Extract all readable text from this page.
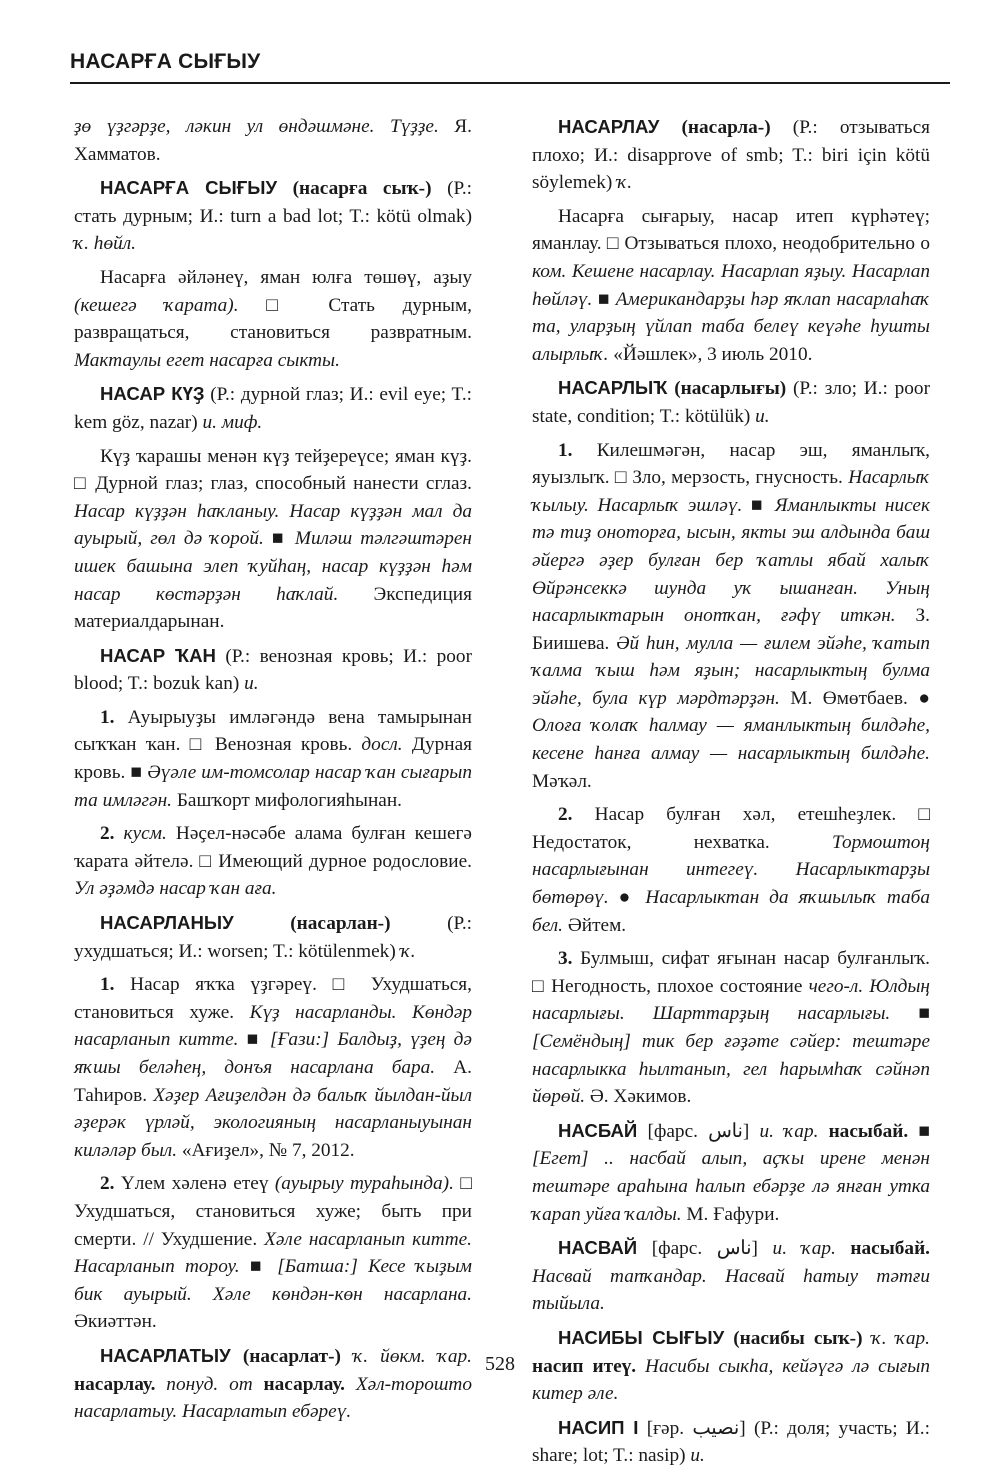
НАСАРҒА СЫҒЫУ

ҙө үҙгәрҙе, ләкин ул өндәшмәне. Түҙҙе. Я. Хамматов.

НАСАРҒА СЫҒЫУ (насарға сыҡ-) (Р.: стать дурным; И.: turn a bad lot; T.: kötü olmak) ҡ. һөйл.

Насарға әйләнеү, яман юлға төшөү, аҙыу (кешегә ҡарата). □ Стать дурным, развращаться, становиться развратным. Мактаулы егет насарға сыкты.

НАСАР КҮҘ (Р.: дурной глаз; И.: evil eye; T.: kem göz, nazar) и. миф.

Күҙ ҡарашы менән күҙ тейҙереүсе; яман күҙ. □ Дурной глаз; глаз, способный нанести сглаз. Насар күҙҙән һаҡланыу. Насар күҙҙән мал да ауырый, гөл дә ҡорой. ■ Миләш тәлгәштәрен ишек башына элеп ҡуйһаң, насар күҙҙән һәм насар көстәрҙән һаҡлай. Экспедиция материалдарынан.

НАСАР ҠАН (Р.: венозная кровь; И.: poor blood; T.: bozuk kan) и.

1. Ауырыуҙы имләгәндә вена тамырынан сыҡҡан ҡан. □ Венозная кровь. досл. Дурная кровь. ■ Әүәле им-томсолар насар ҡан сығарып та имләгән. Башҡорт мифологияһынан.

2. кусм. Нәҫел-нәсәбе алама булған кешегә ҡарата әйтелә. □ Имеющий дурное родословие. Ул әҙәмдә насар ҡан аға.

НАСАРЛАНЫУ (насарлан-) (Р.: ухудшаться; И.: worsen; T.: kötülenmek) ҡ.

1. Насар яҡҡа үҙгәреү. □ Ухудшаться, становиться хуже. Күҙ насарланды. Көндәр насарланып китте. ■ [Ғази:] Балдыҙ, үҙең дә яҡшы беләһең, донъя насарлана бара. А. Таһиров. Хәҙер Ағиҙелдән дә балыҡ йылдан-йыл әҙерәк үрләй, экологияның насарланыуынан киләләр был. «Ағиҙел», № 7, 2012.

2. Үлем хәленә етеү (ауырыу тураһында). □ Ухудшаться, становиться хуже; быть при смерти. // Ухудшение. Хәле насарланып китте. Насарланып тороу. ■ [Батша:] Кесе ҡыҙым бик ауырый. Хәле көндән-көн насарлана. Әкиәттән.

НАСАРЛАТЫУ (насарлат-) ҡ. йөкм. ҡар. насарлау. понуд. от насарлау. Хәл-торошто насарлатыу. Насарлатып ебәреү.

НАСАРЛАУ (насарла-) (Р.: отзываться плохо; И.: disapprove of smb; T.: biri için kötü söylemek) ҡ.

Насарға сығарыу, насар итеп күрһәтеү; яманлау. □ Отзываться плохо, неодобрительно о ком. Кешене насарлау. Насарлап яҙыу. Насарлап һөйләү. ■ Американдарҙы һәр яҡлап насарлаһаҡ та, уларҙың үйлап таба белеү кеүәһе һушты алырлыҡ. «Йәшлек», 3 июль 2010.

НАСАРЛЫҠ (насарлығы) (Р.: зло; И.: poor state, condition; T.: kötülük) и.

1. Килешмәгән, насар эш, яманлыҡ, яуызлыҡ. □ Зло, мерзость, гнусность. Насарлыҡ ҡылыу. Насарлыҡ эшләү. ■ Яманлыкты нисек тә тиҙ оноторға, ысын, якты эш алдында баш әйергә әҙер булған бер ҡатлы ябай халыҡ Өйрәнсеккә шунда уҡ ышанған. Уның насарлыктарын онотҡан, ғәфү иткән. З. Биишева. Әй һин, мулла — ғилем эйәһе, ҡатып ҡалма ҡыш һәм яҙын; насарлыктың булма эйәһе, була күр мәрдтәрҙән. М. Өмөтбаев. ● Олоға ҡолаҡ һалмау — яманлыктың билдәһе, кесене һанға алмау — насарлыктың билдәһе. Мәҡәл.

2. Насар булған хәл, етешһеҙлек. □ Недостаток, нехватка. Тормоштоң насарлығынан интегеү. Насарлыктарҙы бөтөрөү. ● Насарлыктан да яҡшылыҡ таба бел. Әйтем.

3. Булмыш, сифат яғынан насар булғанлыҡ. □ Негодность, плохое состояние чего-л. Юлдың насарлығы. Шарттарҙың насарлығы. ■ [Семёндың] тик бер ғәҙәте сәйер: тештәре насарлыкка һылтанып, гел һарымһаҡ сәйнәп йөрөй. Ә. Хәкимов.

НАСБАЙ [фарс. ناس] и. ҡар. насыбай. ■ [Егет] .. насбай алып, аҫҡы ирене менән тештәре араһына һалып ебәрҙе лә янған утка ҡарап уйға ҡалды. М. Ғафури.

НАСВАЙ [фарс. ناس] и. ҡар. насыбай. Насвай тапҡандар. Насвай һатыу тәтғи тыйыла.

НАСИБЫ СЫҒЫУ (насибы сыҡ-) ҡ. ҡар. насип итеү. Насибы сыкһа, кейәүгә лә сығып китер әле.

НАСИП I [ғәр. نصيب] (Р.: доля; участь; И.: share; lot; T.: nasip) и.

528
